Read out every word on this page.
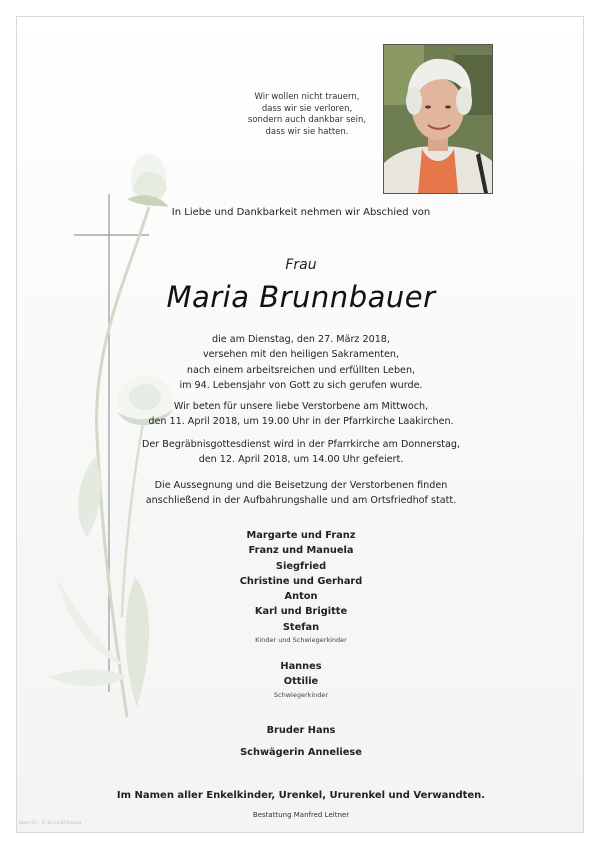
Wir wollen nicht trauern,
dass wir sie verloren,
sondern auch dankbar sein,
dass wir sie hatten.
In Liebe und Dankbarkeit nehmen wir Abschied von
Frau
Maria Brunnbauer
die am Dienstag, den 27. März 2018,
versehen mit den heiligen Sakramenten,
nach einem arbeitsreichen und erfüllten Leben,
im 94. Lebensjahr von Gott zu sich gerufen wurde.
Wir beten für unsere liebe Verstorbene am Mittwoch,
den 11. April 2018, um 19.00 Uhr in der Pfarrkirche Laakirchen.
Der Begräbnisgottesdienst wird in der Pfarrkirche am Donnerstag,
den 12. April 2018, um 14.00 Uhr gefeiert.
Die Aussegnung und die Beisetzung der Verstorbenen finden
anschließend in der Aufbahrungshalle und am Ortsfriedhof statt.
Margarte und Franz
Franz und Manuela
Siegfried
Christine und Gerhard
Anton
Karl und Brigitte
Stefan
Kinder und Schwiegerkinder
Hannes
Ottilie
Schwiegerkinder
Bruder Hans
Schwägerin Anneliese
Im Namen aller Enkelkinder, Urenkel, Ururenkel und Verwandten.
Rose 05 - © by Loidl Rosina
Bestattung Manfred Leitner
